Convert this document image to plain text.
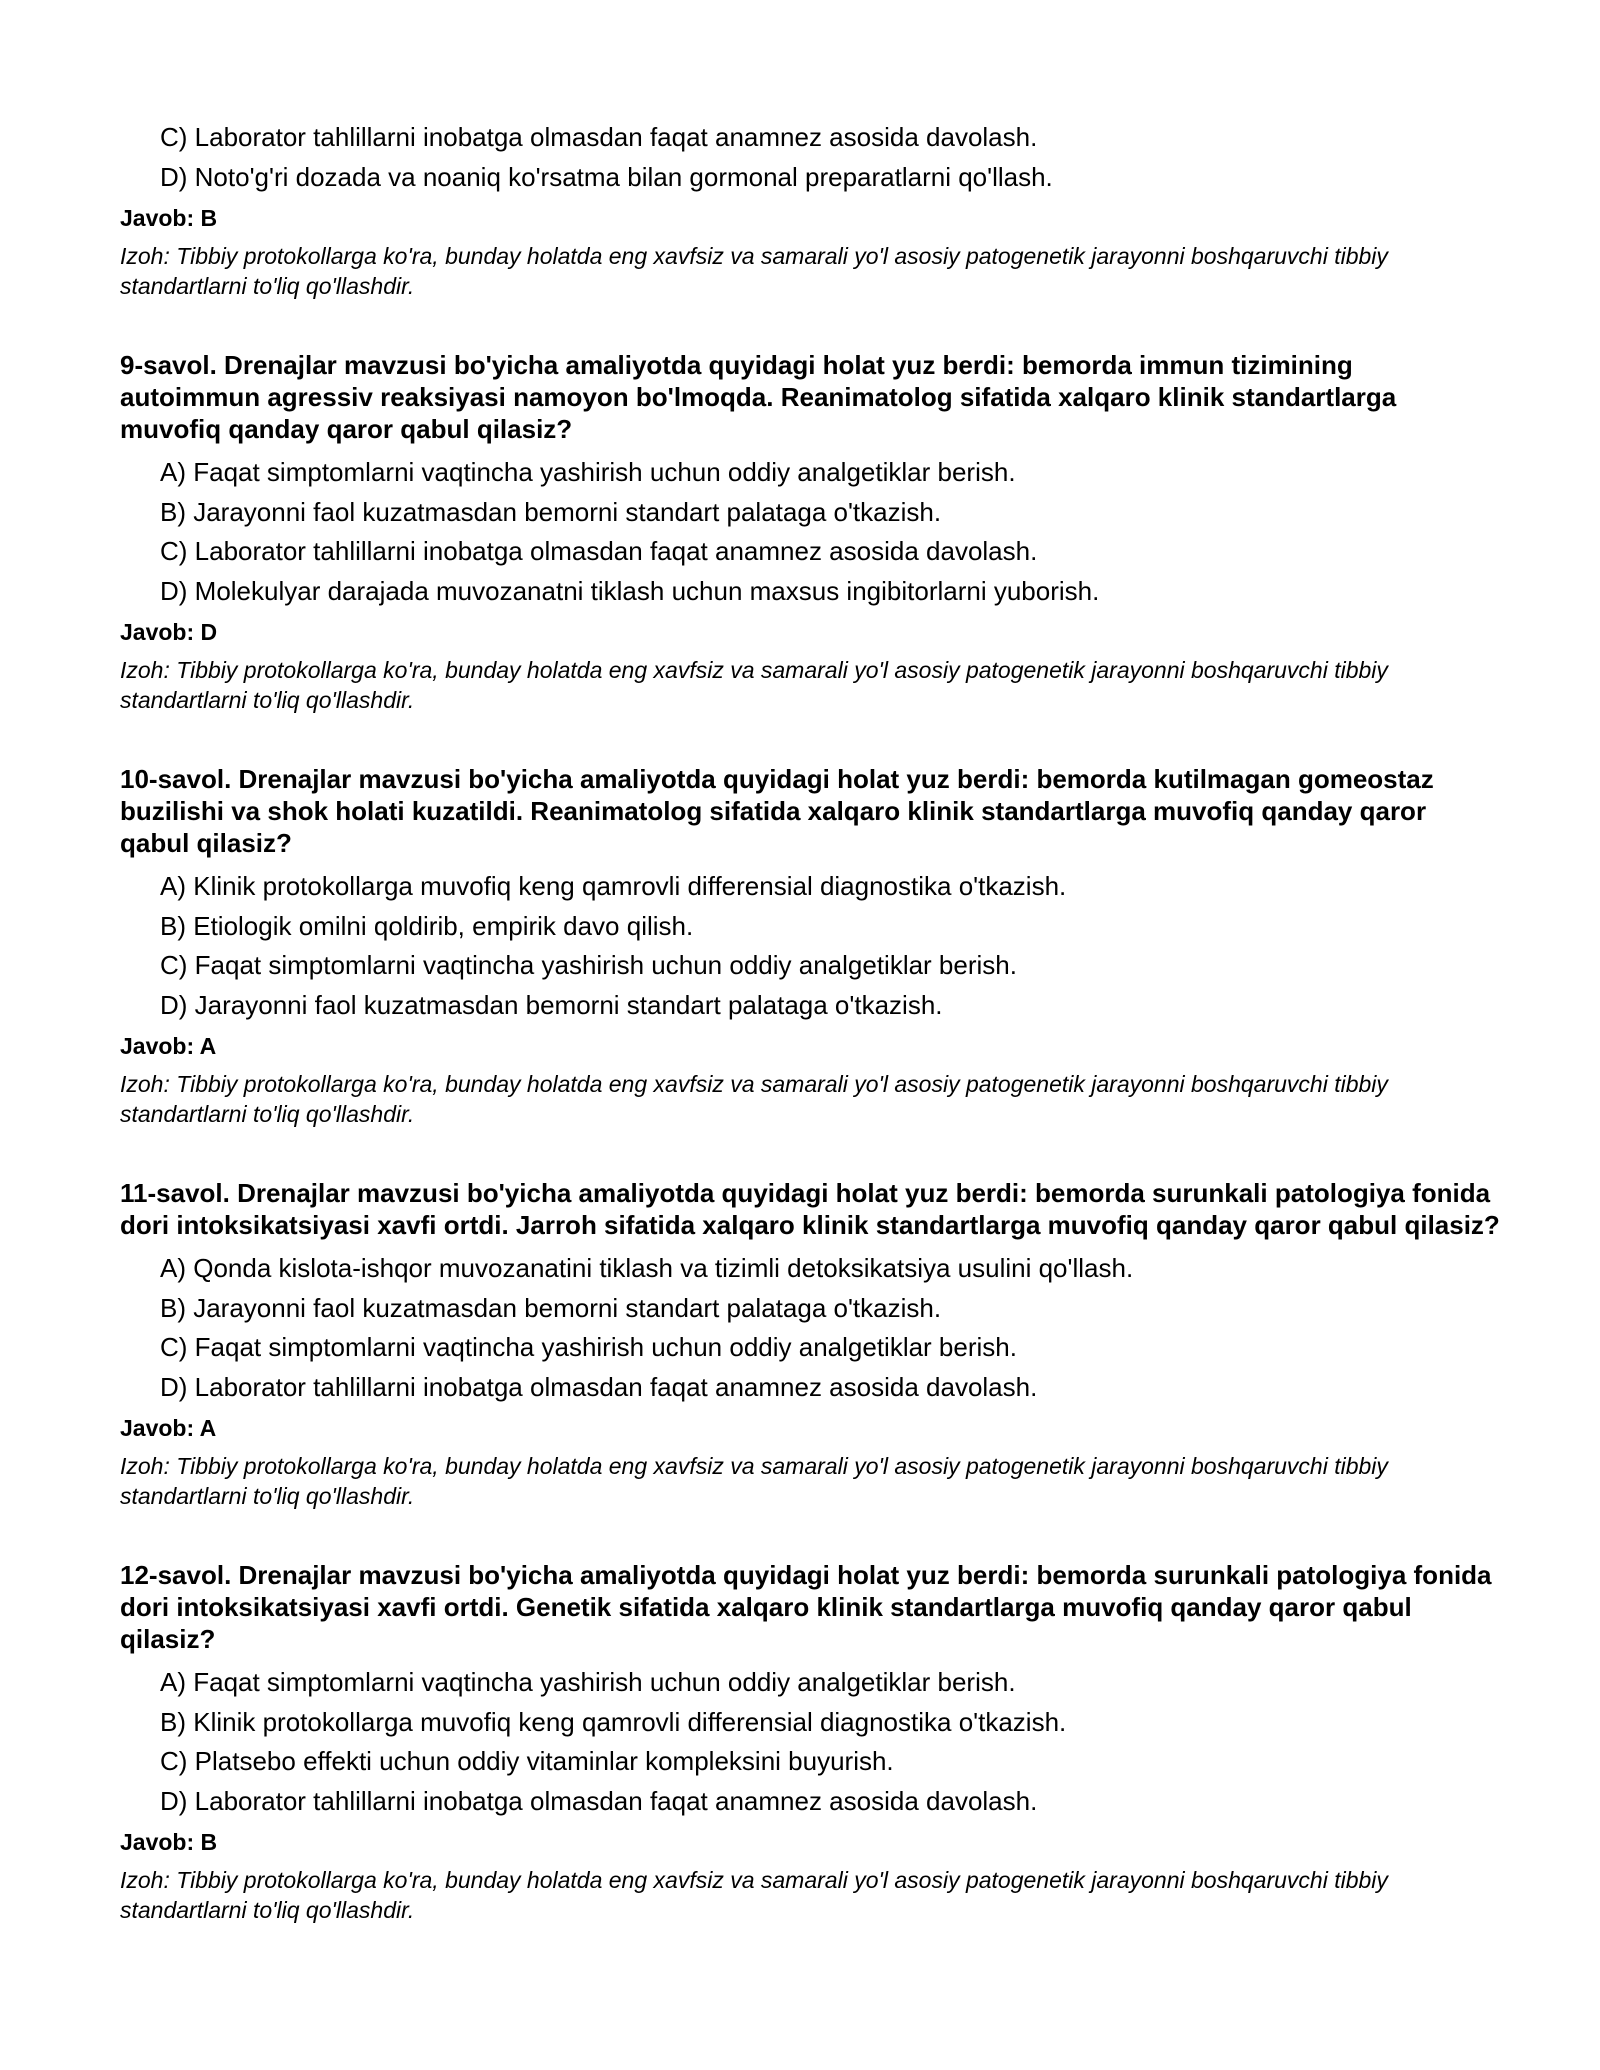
C) Laborator tahlillarni inobatga olmasdan faqat anamnez asosida davolash.
D) Noto'g'ri dozada va noaniq ko'rsatma bilan gormonal preparatlarni qo'llash.
Javob: B
Izoh: Tibbiy protokollarga ko'ra, bunday holatda eng xavfsiz va samarali yo'l asosiy patogenetik jarayonni boshqaruvchi tibbiy standartlarni to'liq qo'llashdir.
9-savol. Drenajlar mavzusi bo'yicha amaliyotda quyidagi holat yuz berdi: bemorda immun tizimining autoimmun agressiv reaksiyasi namoyon bo'lmoqda. Reanimatolog sifatida xalqaro klinik standartlarga muvofiq qanday qaror qabul qilasiz?
A) Faqat simptomlarni vaqtincha yashirish uchun oddiy analgetiklar berish.
B) Jarayonni faol kuzatmasdan bemorni standart palataga o'tkazish.
C) Laborator tahlillarni inobatga olmasdan faqat anamnez asosida davolash.
D) Molekulyar darajada muvozanatni tiklash uchun maxsus ingibitorlarni yuborish.
Javob: D
Izoh: Tibbiy protokollarga ko'ra, bunday holatda eng xavfsiz va samarali yo'l asosiy patogenetik jarayonni boshqaruvchi tibbiy standartlarni to'liq qo'llashdir.
10-savol. Drenajlar mavzusi bo'yicha amaliyotda quyidagi holat yuz berdi: bemorda kutilmagan gomeostaz buzilishi va shok holati kuzatildi. Reanimatolog sifatida xalqaro klinik standartlarga muvofiq qanday qaror qabul qilasiz?
A) Klinik protokollarga muvofiq keng qamrovli differensial diagnostika o'tkazish.
B) Etiologik omilni qoldirib, empirik davo qilish.
C) Faqat simptomlarni vaqtincha yashirish uchun oddiy analgetiklar berish.
D) Jarayonni faol kuzatmasdan bemorni standart palataga o'tkazish.
Javob: A
Izoh: Tibbiy protokollarga ko'ra, bunday holatda eng xavfsiz va samarali yo'l asosiy patogenetik jarayonni boshqaruvchi tibbiy standartlarni to'liq qo'llashdir.
11-savol. Drenajlar mavzusi bo'yicha amaliyotda quyidagi holat yuz berdi: bemorda surunkali patologiya fonida dori intoksikatsiyasi xavfi ortdi. Jarroh sifatida xalqaro klinik standartlarga muvofiq qanday qaror qabul qilasiz?
A) Qonda kislota-ishqor muvozanatini tiklash va tizimli detoksikatsiya usulini qo'llash.
B) Jarayonni faol kuzatmasdan bemorni standart palataga o'tkazish.
C) Faqat simptomlarni vaqtincha yashirish uchun oddiy analgetiklar berish.
D) Laborator tahlillarni inobatga olmasdan faqat anamnez asosida davolash.
Javob: A
Izoh: Tibbiy protokollarga ko'ra, bunday holatda eng xavfsiz va samarali yo'l asosiy patogenetik jarayonni boshqaruvchi tibbiy standartlarni to'liq qo'llashdir.
12-savol. Drenajlar mavzusi bo'yicha amaliyotda quyidagi holat yuz berdi: bemorda surunkali patologiya fonida dori intoksikatsiyasi xavfi ortdi. Genetik sifatida xalqaro klinik standartlarga muvofiq qanday qaror qabul qilasiz?
A) Faqat simptomlarni vaqtincha yashirish uchun oddiy analgetiklar berish.
B) Klinik protokollarga muvofiq keng qamrovli differensial diagnostika o'tkazish.
C) Platsebo effekti uchun oddiy vitaminlar kompleksini buyurish.
D) Laborator tahlillarni inobatga olmasdan faqat anamnez asosida davolash.
Javob: B
Izoh: Tibbiy protokollarga ko'ra, bunday holatda eng xavfsiz va samarali yo'l asosiy patogenetik jarayonni boshqaruvchi tibbiy standartlarni to'liq qo'llashdir.
